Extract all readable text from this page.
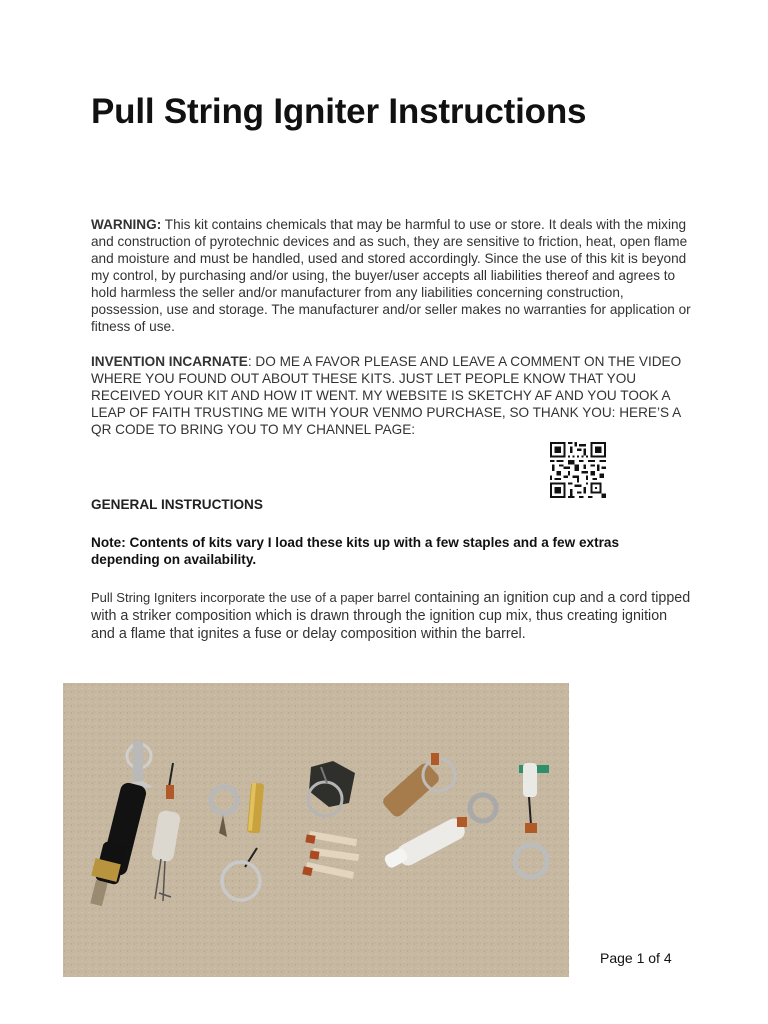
Pull String Igniter Instructions

WARNING: This kit contains chemicals that may be harmful to use or store. It deals with the mixing and construction of pyrotechnic devices and as such, they are sensitive to friction, heat, open flame and moisture and must be handled, used and stored accordingly. Since the use of this kit is beyond my control, by purchasing and/or using, the buyer/user accepts all liabilities thereof and agrees to hold harmless the seller and/or manufacturer from any liabilities concerning construction, possession, use and storage. The manufacturer and/or seller makes no warranties for application or fitness of use.

INVENTION INCARNATE: DO ME A FAVOR PLEASE AND LEAVE A COMMENT ON THE VIDEO WHERE YOU FOUND OUT ABOUT THESE KITS. JUST LET PEOPLE KNOW THAT YOU RECEIVED YOUR KIT AND HOW IT WENT. MY WEBSITE IS SKETCHY AF AND YOU TOOK A LEAP OF FAITH TRUSTING ME WITH YOUR VENMO PURCHASE, SO THANK YOU: HERE’S A QR CODE TO BRING YOU TO MY CHANNEL PAGE:

GENERAL INSTRUCTIONS

Note: Contents of kits vary I load these kits up with a few staples and a few extras depending on availability.

Pull String Igniters incorporate the use of a paper barrel containing an ignition cup and a cord tipped with a striker composition which is drawn through the ignition cup mix, thus creating ignition and a flame that ignites a fuse or delay composition within the barrel.

Page 1 of 4
